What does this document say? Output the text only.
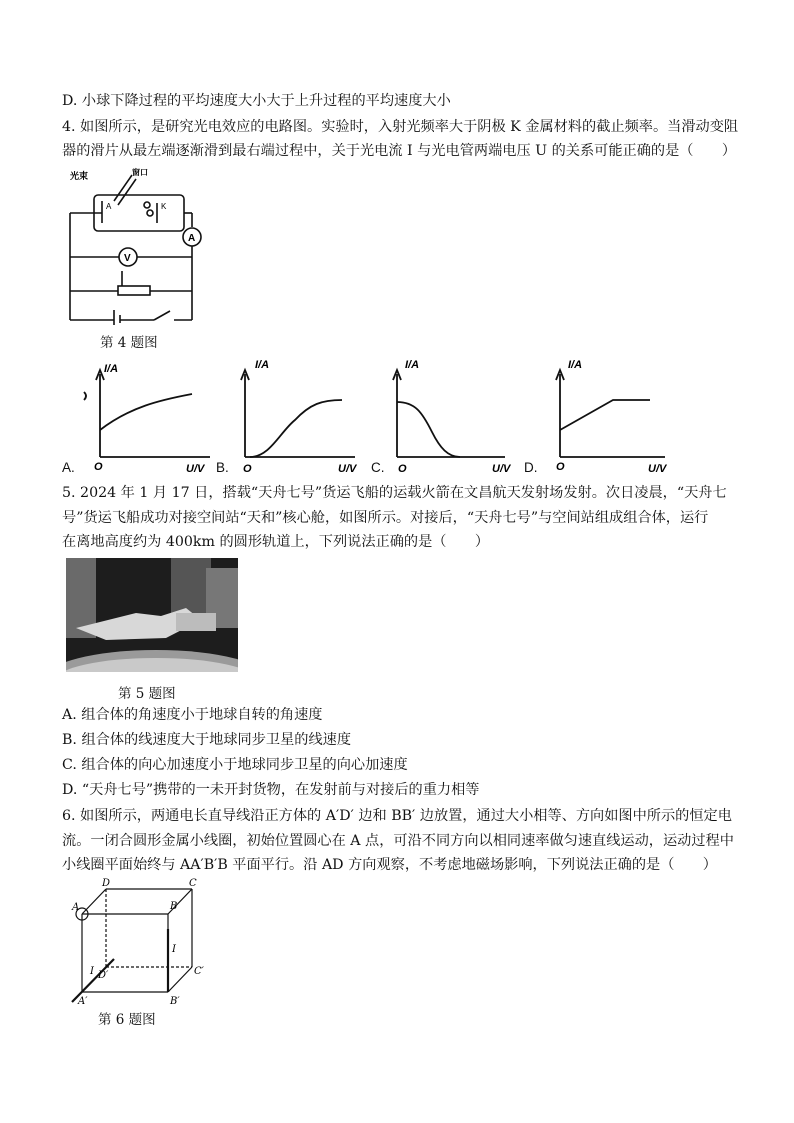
D. 小球下降过程的平均速度大小大于上升过程的平均速度大小
4. 如图所示，是研究光电效应的电路图。实验时，入射光频率大于阴极 K 金属材料的截止频率。当滑动变阻
器的滑片从最左端逐渐滑到最右端过程中，关于光电流 I 与光电管两端电压 U 的关系可能正确的是（　　）
光束	窗口
A	K
V
A
第 4 题图
I/A
O	U/V
I/A
O	U/V
I/A
O	U/V
I/A
O	U/V
A.	B.	C.	D.
5. 2024 年 1 月 17 日，搭载“天舟七号”货运飞船的运载火箭在文昌航天发射场发射。次日凌晨，“天舟七
号”货运飞船成功对接空间站“天和”核心舱，如图所示。对接后，“天舟七号”与空间站组成组合体，运行
在离地高度约为 400km 的圆形轨道上，下列说法正确的是（　　）
第 5 题图
A. 组合体的角速度小于地球自转的角速度
B. 组合体的线速度大于地球同步卫星的线速度
C. 组合体的向心加速度小于地球同步卫星的向心加速度
D. “天舟七号”携带的一未开封货物，在发射前与对接后的重力相等
6. 如图所示，两通电长直导线沿正方体的 A′D′ 边和 BB′ 边放置，通过大小相等、方向如图中所示的恒定电
流。一闭合圆形金属小线圈，初始位置圆心在 A 点，可沿不同方向以相同速率做匀速直线运动，运动过程中
小线圈平面始终与 AA′B′B 平面平行。沿 AD 方向观察，不考虑地磁场影响，下列说法正确的是（　　）
A
D	C
B
I
I D′	C′
A′	B′
第 6 题图
